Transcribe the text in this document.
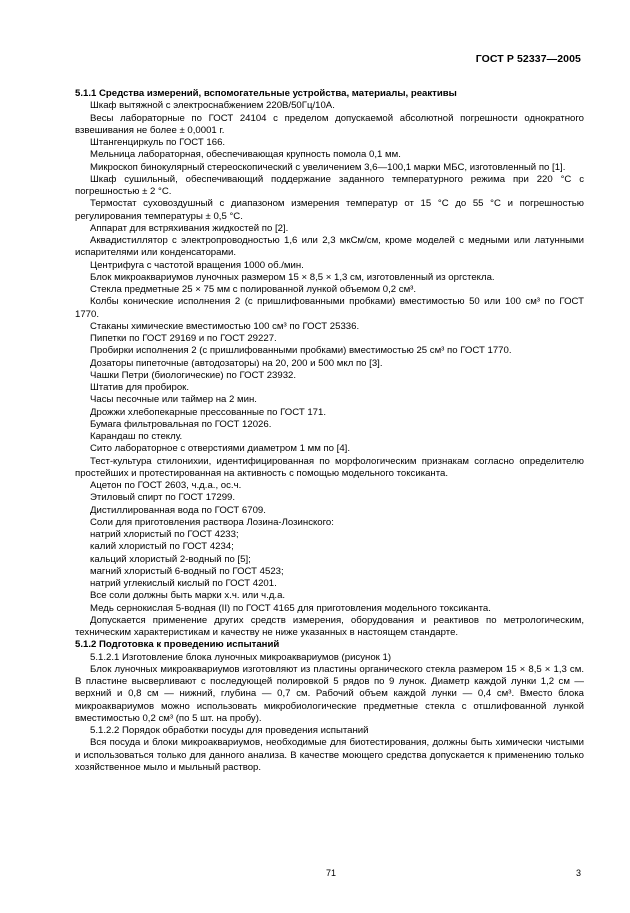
ГОСТ Р 52337—2005

5.1.1 Средства измерений, вспомогательные устройства, материалы, реактивы

Шкаф вытяжной с электроснабжением 220В/50Гц/10А.

Весы лабораторные по ГОСТ 24104 с пределом допускаемой абсолютной погрешности однократного взвешивания не более ± 0,0001 г.

Штангенциркуль по ГОСТ 166.

Мельница лабораторная, обеспечивающая крупность помола 0,1 мм.

Микроскоп бинокулярный стереоскопический с увеличением 3,6—100,1 марки МБС, изготовленный по [1].

Шкаф сушильный, обеспечивающий поддержание заданного температурного режима при 220 °С с погрешностью ± 2 °С.

Термостат суховоздушный с диапазоном измерения температур от 15 °С до 55 °С и погрешностью регулирования температуры ± 0,5 °С.

Аппарат для встряхивания жидкостей по [2].

Аквадистиллятор с электропроводностью 1,6 или 2,3 мкСм/см, кроме моделей с медными или латунными испарителями или конденсаторами.

Центрифуга с частотой вращения 1000 об./мин.

Блок микроаквариумов луночных размером 15 × 8,5 × 1,3 см, изготовленный из оргстекла.

Стекла предметные 25 × 75 мм с полированной лункой объемом 0,2 см³.

Колбы конические исполнения 2 (с пришлифованными пробками) вместимостью 50 или 100 см³ по ГОСТ 1770.

Стаканы химические вместимостью 100 см³ по ГОСТ 25336.

Пипетки по ГОСТ 29169 и по ГОСТ 29227.

Пробирки исполнения 2 (с пришлифованными пробками) вместимостью 25 см³ по ГОСТ 1770.

Дозаторы пипеточные (автодозаторы) на 20, 200 и 500 мкл по [3].

Чашки Петри (биологические) по ГОСТ 23932.

Штатив для пробирок.

Часы песочные или таймер на 2 мин.

Дрожжи хлебопекарные прессованные по ГОСТ 171.

Бумага фильтровальная по ГОСТ 12026.

Карандаш по стеклу.

Сито лабораторное с отверстиями диаметром 1 мм по [4].

Тест-культура стилонихии, идентифицированная по морфологическим признакам согласно определителю простейших и протестированная на активность с помощью модельного токсиканта.

Ацетон по ГОСТ 2603, ч.д.а., ос.ч.

Этиловый спирт по ГОСТ 17299.

Дистиллированная вода по ГОСТ 6709.

Соли для приготовления раствора Лозина-Лозинского:

натрий хлористый по ГОСТ 4233;

калий хлористый по ГОСТ 4234;

кальций хлористый 2-водный по [5];

магний хлористый 6-водный по ГОСТ 4523;

натрий углекислый кислый по ГОСТ 4201.

Все соли должны быть марки х.ч. или ч.д.а.

Медь сернокислая 5-водная (II) по ГОСТ 4165 для приготовления модельного токсиканта.

Допускается применение других средств измерения, оборудования и реактивов по метрологическим, техническим характеристикам и качеству не ниже указанных в настоящем стандарте.

5.1.2 Подготовка к проведению испытаний

5.1.2.1 Изготовление блока луночных микроаквариумов (рисунок 1)

Блок луночных микроаквариумов изготовляют из пластины органического стекла размером 15 × 8,5 × 1,3 см. В пластине высверливают с последующей полировкой 5 рядов по 9 лунок. Диаметр каждой лунки 1,2 см — верхний и 0,8 см — нижний, глубина — 0,7 см. Рабочий объем каждой лунки — 0,4 см³. Вместо блока микроаквариумов можно использовать микробиологические предметные стекла с отшлифованной лункой вместимостью 0,2 см³ (по 5 шт. на пробу).

5.1.2.2 Порядок обработки посуды для проведения испытаний

Вся посуда и блоки микроаквариумов, необходимые для биотестирования, должны быть химически чистыми и использоваться только для данного анализа. В качестве моющего средства допускается к применению только хозяйственное мыло и мыльный раствор.

71	3
